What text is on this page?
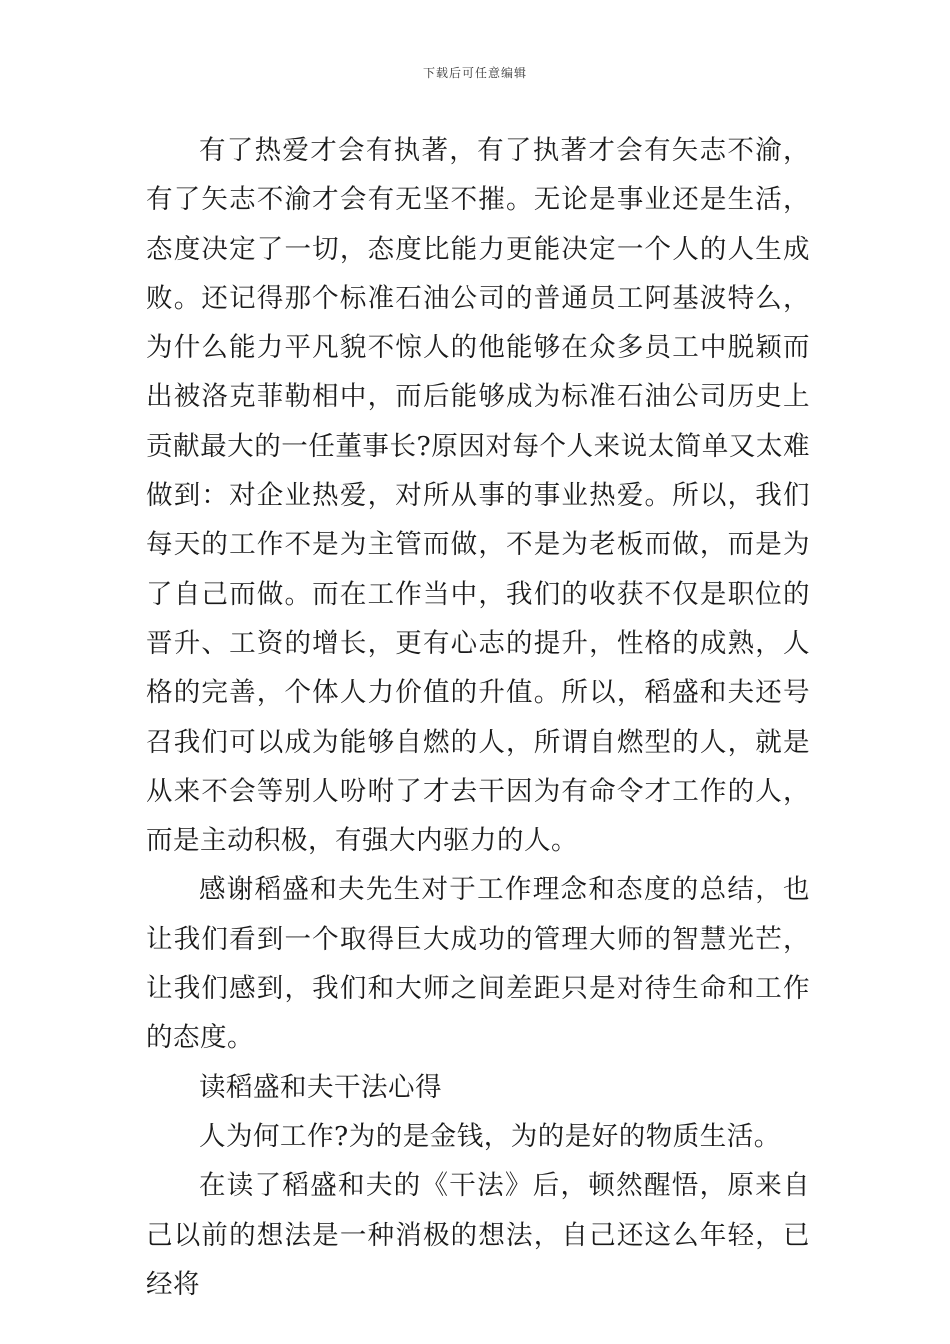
下载后可任意编辑

有了热爱才会有执著，有了执著才会有矢志不渝，有了矢志不渝才会有无坚不摧。无论是事业还是生活，态度决定了一切，态度比能力更能决定一个人的人生成败。还记得那个标准石油公司的普通员工阿基波特么，为什么能力平凡貌不惊人的他能够在众多员工中脱颖而出被洛克菲勒相中，而后能够成为标准石油公司历史上贡献最大的一任董事长?原因对每个人来说太简单又太难做到：对企业热爱，对所从事的事业热爱。所以，我们每天的工作不是为主管而做，不是为老板而做，而是为了自己而做。而在工作当中，我们的收获不仅是职位的晋升、工资的增长，更有心志的提升，性格的成熟，人格的完善，个体人力价值的升值。所以，稻盛和夫还号召我们可以成为能够自燃的人，所谓自燃型的人，就是从来不会等别人吩咐了才去干因为有命令才工作的人，而是主动积极，有强大内驱力的人。

感谢稻盛和夫先生对于工作理念和态度的总结，也让我们看到一个取得巨大成功的管理大师的智慧光芒，让我们感到，我们和大师之间差距只是对待生命和工作的态度。

读稻盛和夫干法心得

人为何工作?为的是金钱，为的是好的物质生活。

在读了稻盛和夫的《干法》后，顿然醒悟，原来自己以前的想法是一种消极的想法，自己还这么年轻，已经将
